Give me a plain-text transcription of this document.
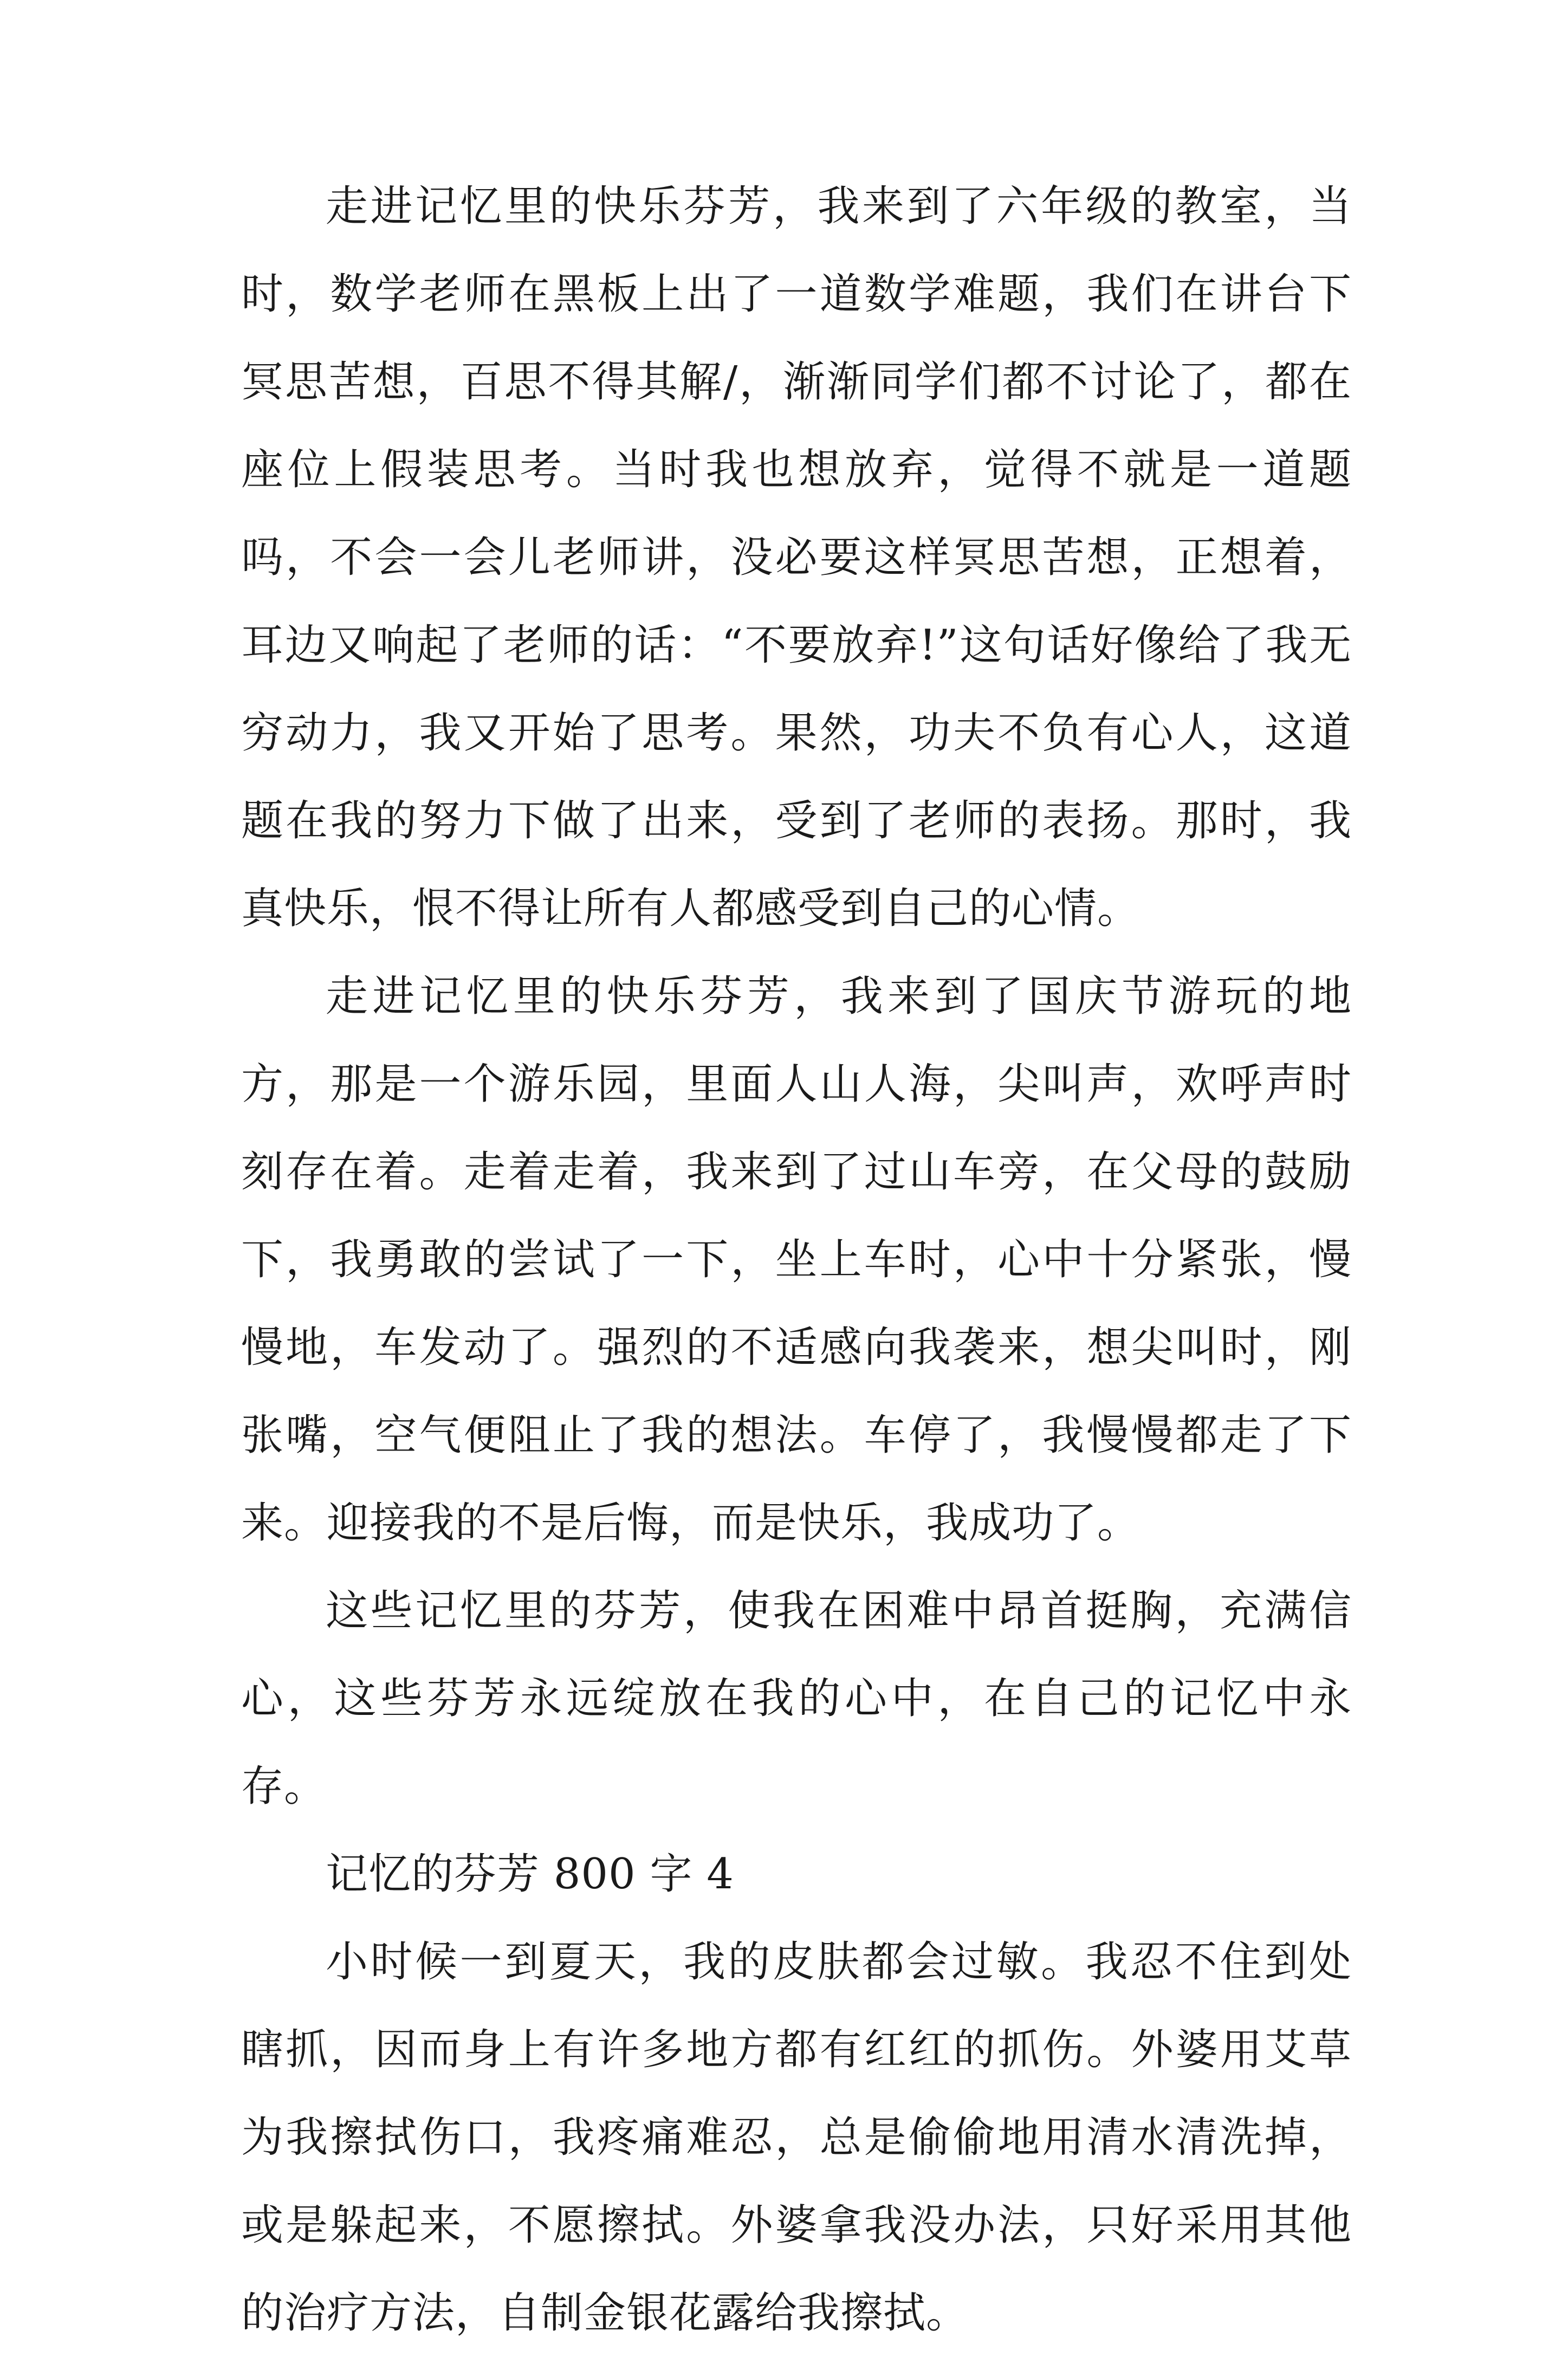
走进记忆里的快乐芬芳，我来到了六年级的教室，当时，数学老师在黑板上出了一道数学难题，我们在讲台下冥思苦想，百思不得其解/，渐渐同学们都不讨论了，都在座位上假装思考。当时我也想放弃，觉得不就是一道题吗，不会一会儿老师讲，没必要这样冥思苦想，正想着，耳边又响起了老师的话：“不要放弃!”这句话好像给了我无穷动力，我又开始了思考。果然，功夫不负有心人，这道题在我的努力下做了出来，受到了老师的表扬。那时，我真快乐，恨不得让所有人都感受到自己的心情。

走进记忆里的快乐芬芳，我来到了国庆节游玩的地方，那是一个游乐园，里面人山人海，尖叫声，欢呼声时刻存在着。走着走着，我来到了过山车旁，在父母的鼓励下，我勇敢的尝试了一下，坐上车时，心中十分紧张，慢慢地，车发动了。强烈的不适感向我袭来，想尖叫时，刚张嘴，空气便阻止了我的想法。车停了，我慢慢都走了下来。迎接我的不是后悔，而是快乐，我成功了。

这些记忆里的芬芳，使我在困难中昂首挺胸，充满信心，这些芬芳永远绽放在我的心中，在自己的记忆中永存。

记忆的芬芳 800 字 4

小时候一到夏天，我的皮肤都会过敏。我忍不住到处瞎抓，因而身上有许多地方都有红红的抓伤。外婆用艾草为我擦拭伤口，我疼痛难忍，总是偷偷地用清水清洗掉，或是躲起来，不愿擦拭。外婆拿我没办法，只好采用其他的治疗方法，自制金银花露给我擦拭。
